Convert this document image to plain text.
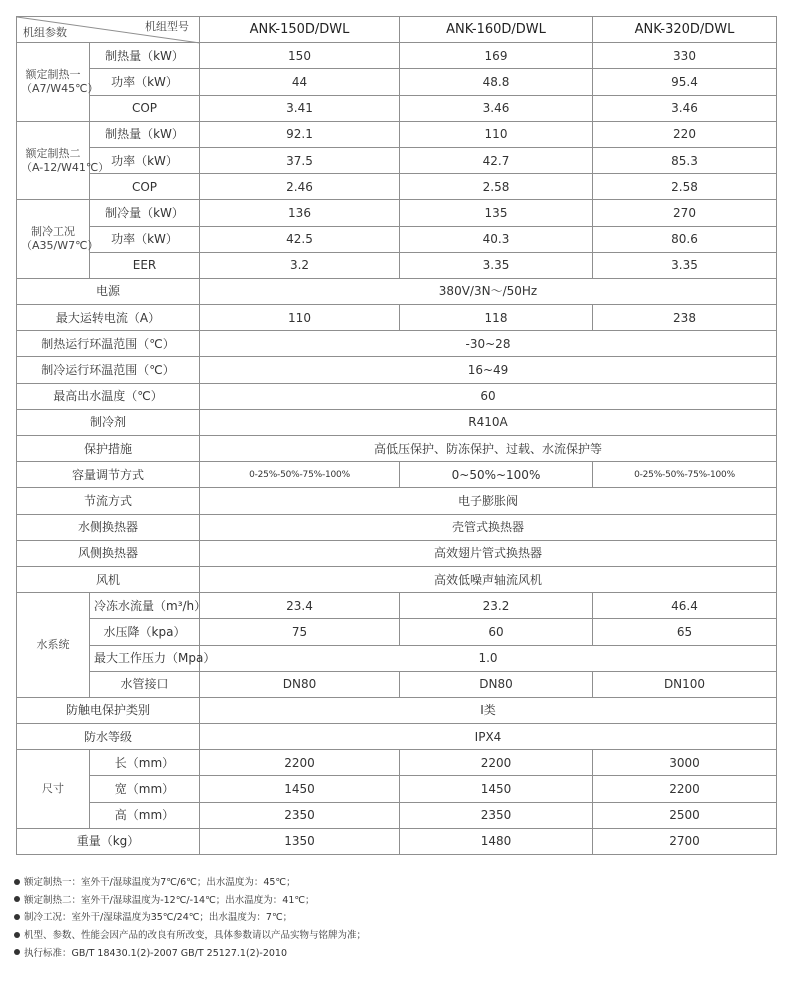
机组型号
机组参数		ANK-150D/DWL	ANK-160D/DWL	ANK-320D/DWL
额定制热一
（A7/W45℃）	制热量（kW）	150	169	330
	功率（kW）	44	48.8	95.4
	COP	3.41	3.46	3.46
额定制热二
（A-12/W41℃）	制热量（kW）	92.1	110	220
	功率（kW）	37.5	42.7	85.3
	COP	2.46	2.58	2.58
制冷工况
（A35/W7℃）	制冷量（kW）	136	135	270
	功率（kW）	42.5	40.3	80.6
	EER	3.2	3.35	3.35
电源		380V/3N～/50Hz		
最大运转电流（A）		110	118	238
制热运行环温范围（℃）		-30~28		
制冷运行环温范围（℃）		16~49		
最高出水温度（℃）		60		
制冷剂		R410A		
保护措施		高低压保护、防冻保护、过载、水流保护等		
容量调节方式		0-25%-50%-75%-100%	0~50%~100%	0-25%-50%-75%-100%
节流方式		电子膨胀阀		
水侧换热器		壳管式换热器		
风侧换热器		高效翅片管式换热器		
风机		高效低噪声轴流风机		
水系统	冷冻水流量（m³/h）	23.4	23.2	46.4
	水压降（kpa）	75	60	65
	最大工作压力（Mpa）	1.0		
	水管接口	DN80	DN80	DN100
防触电保护类别		I类		
防水等级		IPX4		
尺寸	长（mm）	2200	2200	3000
	宽（mm）	1450	1450	2200
	高（mm）	2350	2350	2500
重量（kg）		1350	1480	2700
额定制热一：室外干/湿球温度为7℃/6℃；出水温度为：45℃；
额定制热二：室外干/湿球温度为-12℃/-14℃；出水温度为：41℃；
制冷工况：室外干/湿球温度为35℃/24℃；出水温度为：7℃；
机型、参数、性能会因产品的改良有所改变，具体参数请以产品实物与铭牌为准；
执行标准：GB/T 18430.1(2)-2007 GB/T 25127.1(2)-2010
